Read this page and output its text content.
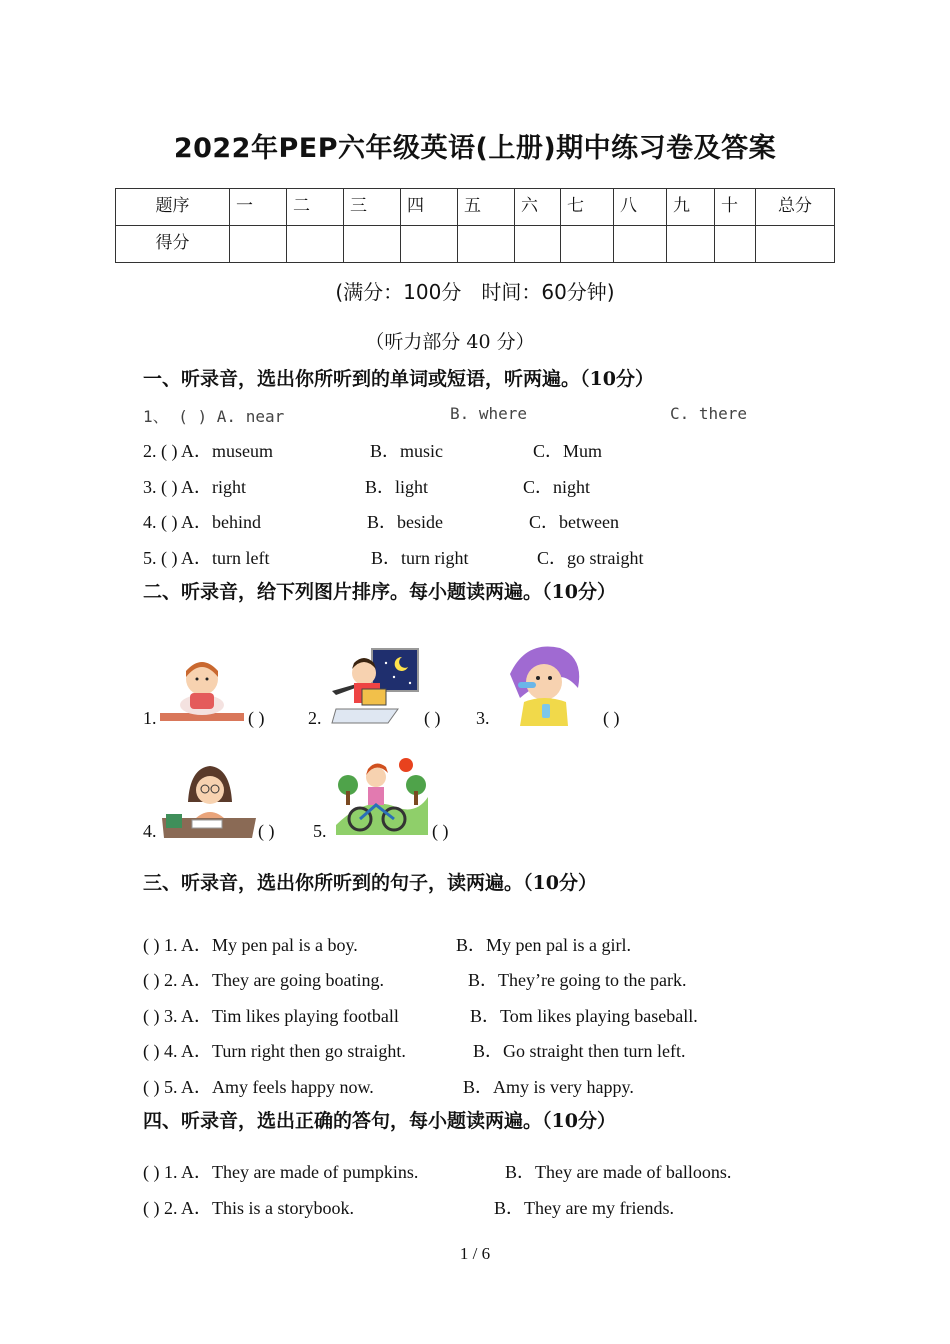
2022年PEP六年级英语(上册)期中练习卷及答案
题序	一	二	三	四	五	六	七	八	九	十	总分
得分											
(满分：100分　时间：60分钟)
（听力部分 40 分）
一、听录音，选出你所听到的单词或短语，听两遍。（10分）
1、 ( ) A. near	B. where	C. there
2. ( ) A．museum	B．music	C．Mum
3. ( ) A．right	B．light	C．night
4. ( ) A．behind	B．beside	C．between
5. ( ) A．turn left	B．turn right	C．go straight
二、听录音，给下列图片排序。每小题读两遍。（10分）
1.	( ) 2.	( ) 3.	( )
4.	( ) 5.	( )
三、听录音，选出你所听到的句子，读两遍。（10分）
( ) 1. A．My pen pal is a boy.	B．My pen pal is a girl.
( ) 2. A．They are going boating.	B．They’re going to the park.
( ) 3. A．Tim likes playing football	B．Tom likes playing baseball.
( ) 4. A．Turn right then go straight.	B．Go straight then turn left.
( ) 5. A．Amy feels happy now.	B．Amy is very happy.
四、听录音，选出正确的答句，每小题读两遍。（10分）
( ) 1. A．They are made of pumpkins.	B．They are made of balloons.
( ) 2. A．This is a storybook.	B．They are my friends.
1 / 6
